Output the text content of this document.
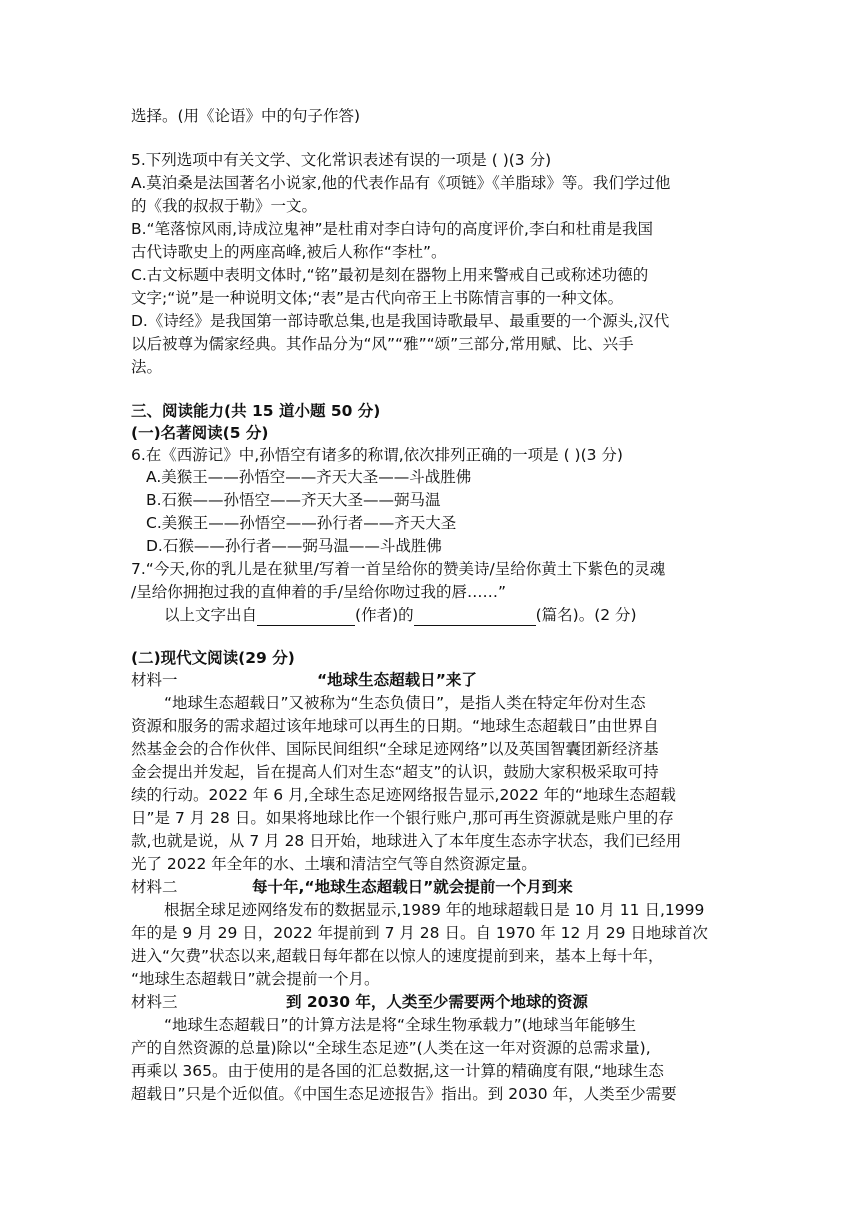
选择。(用《论语》中的句子作答)
5.下列选项中有关文学、文化常识表述有误的一项是 ( )(3 分)
A.莫泊桑是法国著名小说家,他的代表作品有《项链》《羊脂球》等。我们学过他
的《我的叔叔于勒》一文。
B.“笔落惊风雨,诗成泣鬼神”是杜甫对李白诗句的高度评价,李白和杜甫是我国
古代诗歌史上的两座高峰,被后人称作“李杜”。
C.古文标题中表明文体时,“铭”最初是刻在器物上用来警戒自己或称述功德的
文字;“说”是一种说明文体;“表”是古代向帝王上书陈情言事的一种文体。
D.《诗经》是我国第一部诗歌总集,也是我国诗歌最早、最重要的一个源头,汉代
以后被尊为儒家经典。其作品分为“风”“雅”“颂”三部分,常用赋、比、兴手
法。
三、阅读能力(共 15 道小题 50 分)
(一)名著阅读(5 分)
6.在《西游记》中,孙悟空有诸多的称谓,依次排列正确的一项是 ( )(3 分)
A.美猴王——孙悟空——齐天大圣——斗战胜佛
B.石猴——孙悟空——齐天大圣——弼马温
C.美猴王——孙悟空——孙行者——齐天大圣
D.石猴——孙行者——弼马温——斗战胜佛
7.“今天,你的乳儿是在狱里/写着一首呈给你的赞美诗/呈给你黄土下紫色的灵魂
/呈给你拥抱过我的直伸着的手/呈给你吻过我的唇……”
以上文字出自	(作者)的	(篇名)。(2 分)
(二)现代文阅读(29 分)
材料一	“地球生态超载日”来了
“地球生态超载日”又被称为“生态负债日”，是指人类在特定年份对生态
资源和服务的需求超过该年地球可以再生的日期。“地球生态超载日”由世界自
然基金会的合作伙伴、国际民间组织“全球足迹网络”以及英国智囊团新经济基
金会提出并发起，旨在提高人们对生态“超支”的认识，鼓励大家积极采取可持
续的行动。2022 年 6 月,全球生态足迹网络报告显示,2022 年的“地球生态超载
日”是 7 月 28 日。如果将地球比作一个银行账户,那可再生资源就是账户里的存
款,也就是说，从 7 月 28 日开始，地球进入了本年度生态赤字状态，我们已经用
光了 2022 年全年的水、土壤和清洁空气等自然资源定量。
材料二	每十年,“地球生态超载日”就会提前一个月到来
根据全球足迹网络发布的数据显示,1989 年的地球超载日是 10 月 11 日,1999
年的是 9 月 29 日，2022 年提前到 7 月 28 日。自 1970 年 12 月 29 日地球首次
进入“欠费”状态以来,超载日每年都在以惊人的速度提前到来，基本上每十年，
“地球生态超载日”就会提前一个月。
材料三	到 2030 年，人类至少需要两个地球的资源
“地球生态超载日”的计算方法是将“全球生物承载力”(地球当年能够生
产的自然资源的总量)除以“全球生态足迹”(人类在这一年对资源的总需求量),
再乘以 365。由于使用的是各国的汇总数据,这一计算的精确度有限,“地球生态
超载日”只是个近似值。《中国生态足迹报告》指出。到 2030 年，人类至少需要
